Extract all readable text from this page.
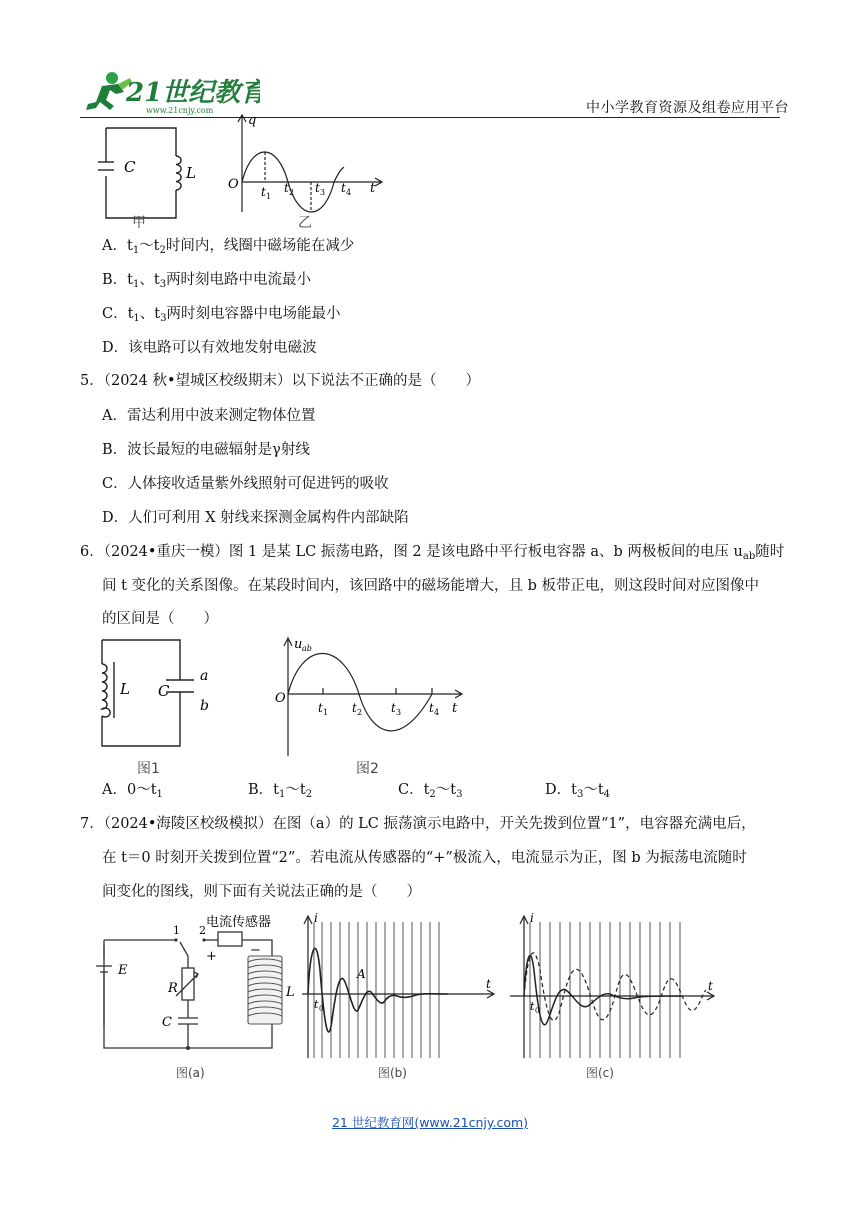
21世纪教育
www.21cnjy.com	中小学教育资源及组卷应用平台
C	L
甲
q
O	t
t 1
t 2 t 3 t 4
乙
A．$t_1\sim t_2$时间内，线圈中磁场能在减少
B．$t_1$、$t_3$两时刻电路中电流最小
C．$t_1$、$t_3$两时刻电容器中电场能最小
D．该电路可以有效地发射电磁波
5．（2024 秋•望城区校级期末）以下说法不正确的是（　　）
A．雷达利用中波来测定物体位置
B．波长最短的电磁辐射是γ射线
C．人体接收适量紫外线照射可促进钙的吸收
D．人们可利用 X 射线来探测金属构件内部缺陷
6．（2024•重庆一模）图 1 是某 LC 振荡电路，图 2 是该电路中平行板电容器 a、b 两极板间的电压 $u_{ab}$随时
间 t 变化的关系图像。在某段时间内，该回路中的磁场能增大，且 b 板带正电，则这段时间对应图像中
的区间是（　　）
L C
a
b
图1
u ab
O
t
t 1 t 2 t 3 t 4
图2
A．$0\sim t_1$	B．$t_1\sim t_2$	C．$t_2\sim t_3$	D．$t_3\sim t_4$
7．（2024•海陵区校级模拟）在图（a）的 LC 振荡演示电路中，开关先拨到位置“1”，电容器充满电后，
在 t＝0 时刻开关拨到位置“2”。若电流从传感器的“+”极流入，电流显示为正，图 b 为振荡电流随时
间变化的图线，则下面有关说法正确的是（　　）
电流传感器
1 2
+	−
E
R
C
L
图(a)
i
t
A
t 0
图(b)
i
t
t 0
图(c)
21 世纪教育网(www.21cnjy.com)
